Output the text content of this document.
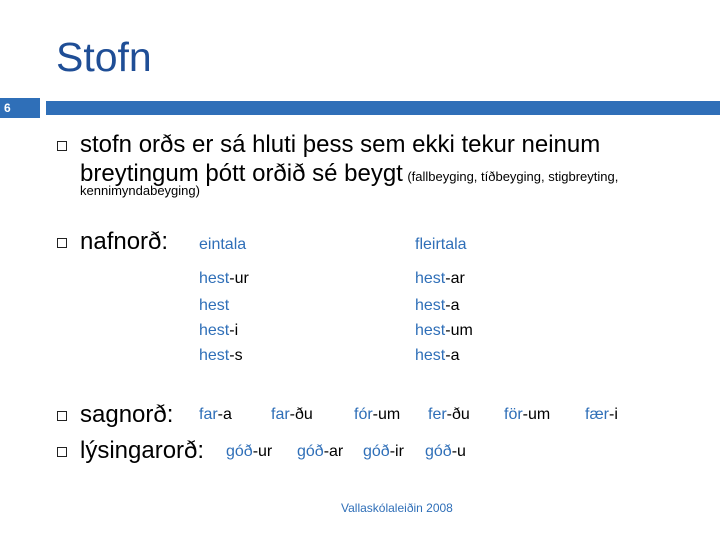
Stofn
6
stofn orðs er sá hluti þess sem ekki tekur neinum
breytingum þótt orðið sé beygt (fallbeyging, tíðbeyging, stigbreyting,
kennimyndabeyging)
nafnorð: eintala	fleirtala
hest-ur
hest
hest-i
hest-s
hest-ar
hest-a
hest-um
hest-a
sagnorð: far-a far-ðu	fór-um fer-ðu för-um fær-i
lýsingarorð: góð-ur góð-ar góð-ir góð-u
Vallaskólaleiðin 2008
